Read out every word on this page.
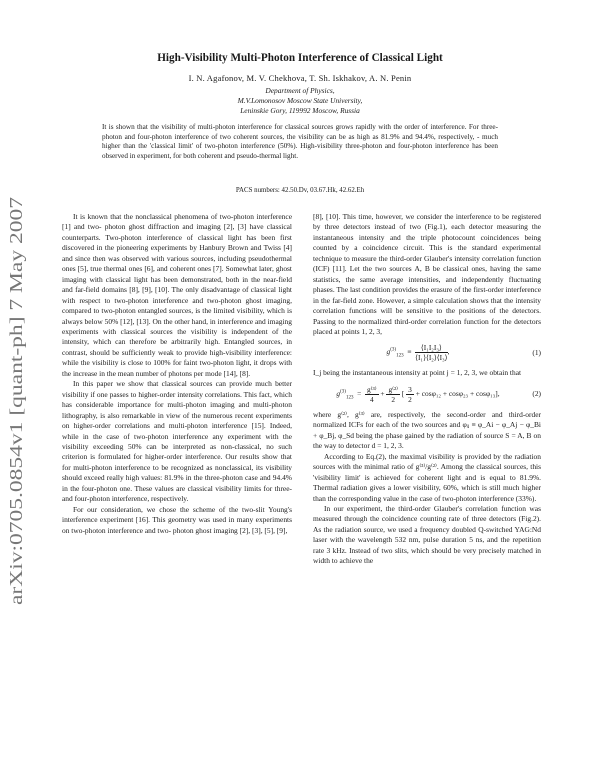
arXiv:0705.0854v1 [quant-ph] 7 May 2007
High-Visibility Multi-Photon Interference of Classical Light
I. N. Agafonov, M. V. Chekhova, T. Sh. Iskhakov, A. N. Penin
Department of Physics,
M.V.Lomonosov Moscow State University,
Leninskie Gory, 119992 Moscow, Russia
It is shown that the visibility of multi-photon interference for classical sources grows rapidly with the order of interference. For three-photon and four-photon interference of two coherent sources, the visibility can be as high as 81.9% and 94.4%, respectively, - much higher than the 'classical limit' of two-photon interference (50%). High-visibility three-photon and four-photon interference has been observed in experiment, for both coherent and pseudo-thermal light.
PACS numbers: 42.50.Dv, 03.67.Hk, 42.62.Eh

It is known that the nonclassical phenomena of two-photon interference [1] and two- photon ghost diffraction and imaging [2], [3] have classical counterparts. Two-photon interference of classical light has been first discovered in the pioneering experiments by Hanbury Brown and Twiss [4] and since then was observed with various sources, including pseudothermal ones [5], true thermal ones [6], and coherent ones [7]. Somewhat later, ghost imaging with classical light has been demonstrated, both in the near-field and far-field domains [8], [9], [10]. The only disadvantage of classical light with respect to two-photon interference and two-photon ghost imaging, compared to two-photon entangled sources, is the limited visibility, which is always below 50% [12], [13]. On the other hand, in interference and imaging experiments with classical sources the visibility is independent of the intensity, which can therefore be arbitrarily high. Entangled sources, in contrast, should be sufficiently weak to provide high-visibility interference: while the visibility is close to 100% for faint two-photon light, it drops with the increase in the mean number of photons per mode [14], [8].

In this paper we show that classical sources can provide much better visibility if one passes to higher-order intensity correlations. This fact, which has considerable importance for multi-photon imaging and multi-photon lithography, is also remarkable in view of the numerous recent experiments on higher-order correlations and multi-photon interference [15]. Indeed, while in the case of two-photon interference any experiment with the visibility exceeding 50% can be interpreted as non-classical, no such criterion is formulated for higher-order interference. Our results show that for multi-photon interference to be recognized as nonclassical, its visibility should exceed really high values: 81.9% in the three-photon case and 94.4% in the four-photon one. These values are classical visibility limits for three- and four-photon interference, respectively.

For our consideration, we chose the scheme of the two-slit Young's interference experiment [16]. This geometry was used in many experiments on two-photon interference and two- photon ghost imaging [2], [3], [5], [9],

[8], [10]. This time, however, we consider the interference to be registered by three detectors instead of two (Fig.1), each detector measuring the instantaneous intensity and the triple photocount coincidences being counted by a coincidence circuit. This is the standard experimental technique to measure the third-order Glauber's intensity correlation function (ICF) [11]. Let the two sources A, B be classical ones, having the same statistics, the same average intensities, and independently fluctuating phases. The last condition provides the erasure of the first-order interference in the far-field zone. However, a simple calculation shows that the intensity correlation functions will be sensitive to the positions of the detectors. Passing to the normalized third-order correlation function for the detectors placed at points 1, 2, 3,

$g^{(3)}_{123} \equiv \frac{\text{⟨I₁I₂I₃⟩}}{\text{⟨I₁⟩⟨I₂⟩⟨I₃⟩}}$ ,	(1)

I_j being the instantaneous intensity at point j = 1, 2, 3, we obtain that

$g^{(3)}_{123} = \frac{\text{g⁽³⁾}}{4} + \frac{\text{g⁽²⁾}}{2}$ [ $\frac{3}{2} + \cos\varphi_{12} + \cos\varphi_{23} + \cos\varphi_{13}$],	(2)

where g⁽²⁾, g⁽³⁾ are, respectively, the second-order and third-order normalized ICFs for each of the two sources and φᵢⱼ ≡ φ_Ai − φ_Aj − φ_Bi + φ_Bj, φ_Sd being the phase gained by the radiation of source S = A, B on the way to detector d = 1, 2, 3.

According to Eq.(2), the maximal visibility is provided by the radiation sources with the minimal ratio of g⁽³⁾/g⁽²⁾. Among the classical sources, this 'visibility limit' is achieved for coherent light and is equal to 81.9%. Thermal radiation gives a lower visibility, 60%, which is still much higher than the corresponding value in the case of two-photon interference (33%).

In our experiment, the third-order Glauber's correlation function was measured through the coincidence counting rate of three detectors (Fig.2). As the radiation source, we used a frequency doubled Q-switched YAG:Nd laser with the wavelength 532 nm, pulse duration 5 ns, and the repetition rate 3 kHz. Instead of two slits, which should be very precisely matched in width to achieve the
